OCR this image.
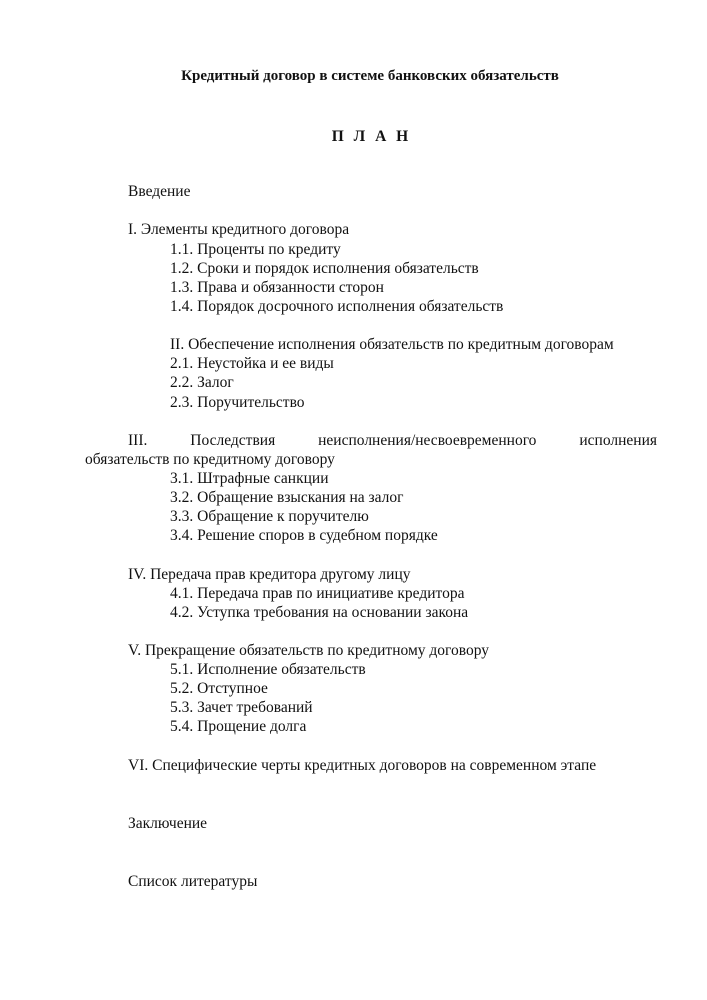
Кредитный договор в системе банковских обязательств
П Л А Н
Введение
I. Элементы кредитного договора
1.1. Проценты по кредиту
1.2. Сроки и порядок исполнения обязательств
1.3. Права и обязанности сторон
1.4. Порядок досрочного исполнения обязательств
II. Обеспечение исполнения обязательств по кредитным договорам
2.1. Неустойка и ее виды
2.2. Залог
2.3. Поручительство
III. Последствия неисполнения/несвоевременного исполнения
обязательств по кредитному договору
3.1. Штрафные санкции
3.2. Обращение взыскания на залог
3.3. Обращение к поручителю
3.4. Решение споров в судебном порядке
IV. Передача прав кредитора другому лицу
4.1. Передача прав по инициативе кредитора
4.2. Уступка требования на основании закона
V. Прекращение обязательств по кредитному договору
5.1. Исполнение обязательств
5.2. Отступное
5.3. Зачет требований
5.4. Прощение долга
VI. Специфические черты кредитных договоров на современном этапе
Заключение
Список литературы
